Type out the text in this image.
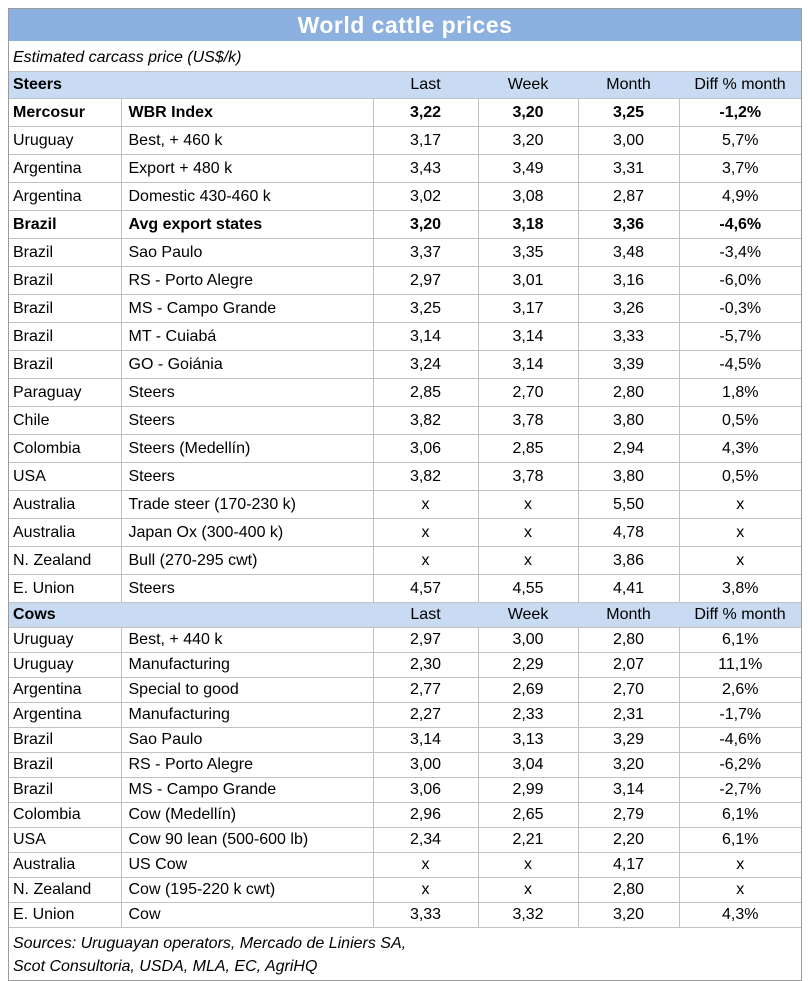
World cattle prices
Estimated carcass price (US$/k)
Steers		Last	Week	Month	Diff % month
Mercosur	WBR Index	3,22	3,20	3,25	-1,2%
Uruguay	Best, + 460 k	3,17	3,20	3,00	5,7%
Argentina	Export + 480 k	3,43	3,49	3,31	3,7%
Argentina	Domestic 430-460 k	3,02	3,08	2,87	4,9%
Brazil	Avg export states	3,20	3,18	3,36	-4,6%
Brazil	Sao Paulo	3,37	3,35	3,48	-3,4%
Brazil	RS - Porto Alegre	2,97	3,01	3,16	-6,0%
Brazil	MS - Campo Grande	3,25	3,17	3,26	-0,3%
Brazil	MT - Cuiabá	3,14	3,14	3,33	-5,7%
Brazil	GO - Goiánia	3,24	3,14	3,39	-4,5%
Paraguay	Steers	2,85	2,70	2,80	1,8%
Chile	Steers	3,82	3,78	3,80	0,5%
Colombia	Steers (Medellín)	3,06	2,85	2,94	4,3%
USA	Steers	3,82	3,78	3,80	0,5%
Australia	Trade steer (170-230 k)	x	x	5,50	x
Australia	Japan Ox (300-400 k)	x	x	4,78	x
N. Zealand	Bull (270-295 cwt)	x	x	3,86	x
E. Union	Steers	4,57	4,55	4,41	3,8%
Cows		Last	Week	Month	Diff % month
Uruguay	Best, + 440 k	2,97	3,00	2,80	6,1%
Uruguay	Manufacturing	2,30	2,29	2,07	11,1%
Argentina	Special to good	2,77	2,69	2,70	2,6%
Argentina	Manufacturing	2,27	2,33	2,31	-1,7%
Brazil	Sao Paulo	3,14	3,13	3,29	-4,6%
Brazil	RS - Porto Alegre	3,00	3,04	3,20	-6,2%
Brazil	MS - Campo Grande	3,06	2,99	3,14	-2,7%
Colombia	Cow (Medellín)	2,96	2,65	2,79	6,1%
USA	Cow 90 lean (500-600 lb)	2,34	2,21	2,20	6,1%
Australia	US Cow	x	x	4,17	x
N. Zealand	Cow (195-220 k cwt)	x	x	2,80	x
E. Union	Cow	3,33	3,32	3,20	4,3%
Sources: Uruguayan operators, Mercado de Liniers SA,
Scot Consultoria, USDA, MLA, EC, AgriHQ
